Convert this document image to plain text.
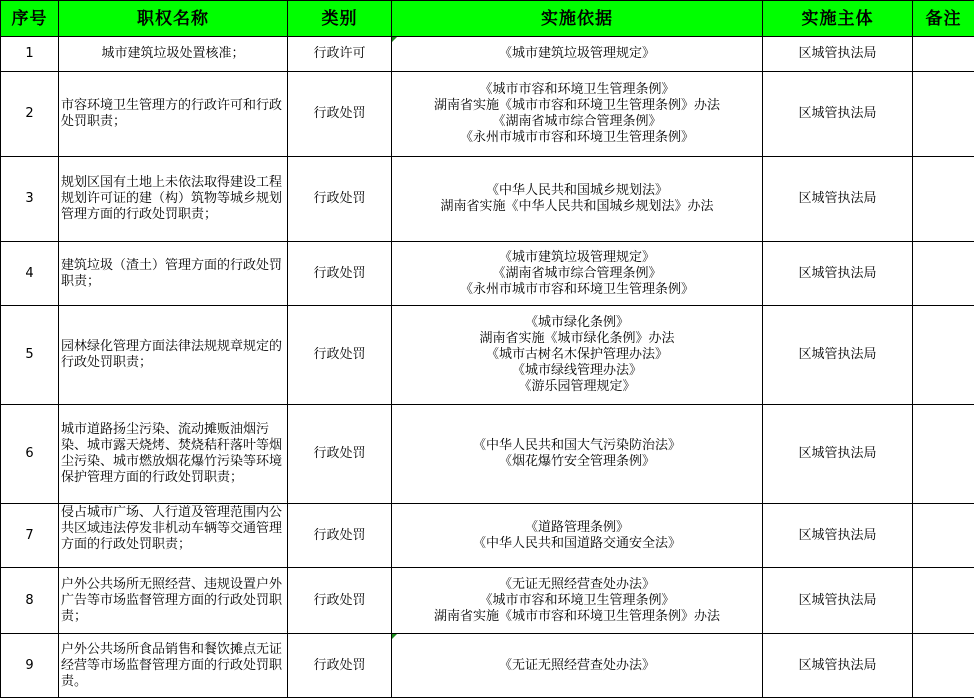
序号	职权名称	类别	实施依据	实施主体	备注
1	城市建筑垃圾处置核准；	行政许可	《城市建筑垃圾管理规定》	区城管执法局	
2	市容环境卫生管理方的行政许可和行政处罚职责；	行政处罚	《城市市容和环境卫生管理条例》
湖南省实施《城市市容和环境卫生管理条例》办法
《湖南省城市综合管理条例》
《永州市城市市容和环境卫生管理条例》	区城管执法局	
3	规划区国有土地上未依法取得建设工程规划许可证的建（构）筑物等城乡规划管理方面的行政处罚职责；	行政处罚	《中华人民共和国城乡规划法》
湖南省实施《中华人民共和国城乡规划法》办法	区城管执法局	
4	建筑垃圾（渣土）管理方面的行政处罚职责；	行政处罚	《城市建筑垃圾管理规定》
《湖南省城市综合管理条例》
《永州市城市市容和环境卫生管理条例》	区城管执法局	
5	园林绿化管理方面法律法规规章规定的行政处罚职责；	行政处罚	《城市绿化条例》
湖南省实施《城市绿化条例》办法
《城市古树名木保护管理办法》
《城市绿线管理办法》
《游乐园管理规定》	区城管执法局	
6	城市道路扬尘污染、流动摊贩油烟污染、城市露天烧烤、焚烧秸秆落叶等烟尘污染、城市燃放烟花爆竹污染等环境保护管理方面的行政处罚职责；	行政处罚	《中华人民共和国大气污染防治法》
《烟花爆竹安全管理条例》	区城管执法局	
7	侵占城市广场、人行道及管理范围内公共区域违法停发非机动车辆等交通管理方面的行政处罚职责；	行政处罚	《道路管理条例》
《中华人民共和国道路交通安全法》	区城管执法局	
8	户外公共场所无照经营、违规设置户外广告等市场监督管理方面的行政处罚职责；	行政处罚	《无证无照经营查处办法》
《城市市容和环境卫生管理条例》
湖南省实施《城市市容和环境卫生管理条例》办法	区城管执法局	
9	户外公共场所食品销售和餐饮摊点无证经营等市场监督管理方面的行政处罚职责。	行政处罚	《无证无照经营查处办法》	区城管执法局	
